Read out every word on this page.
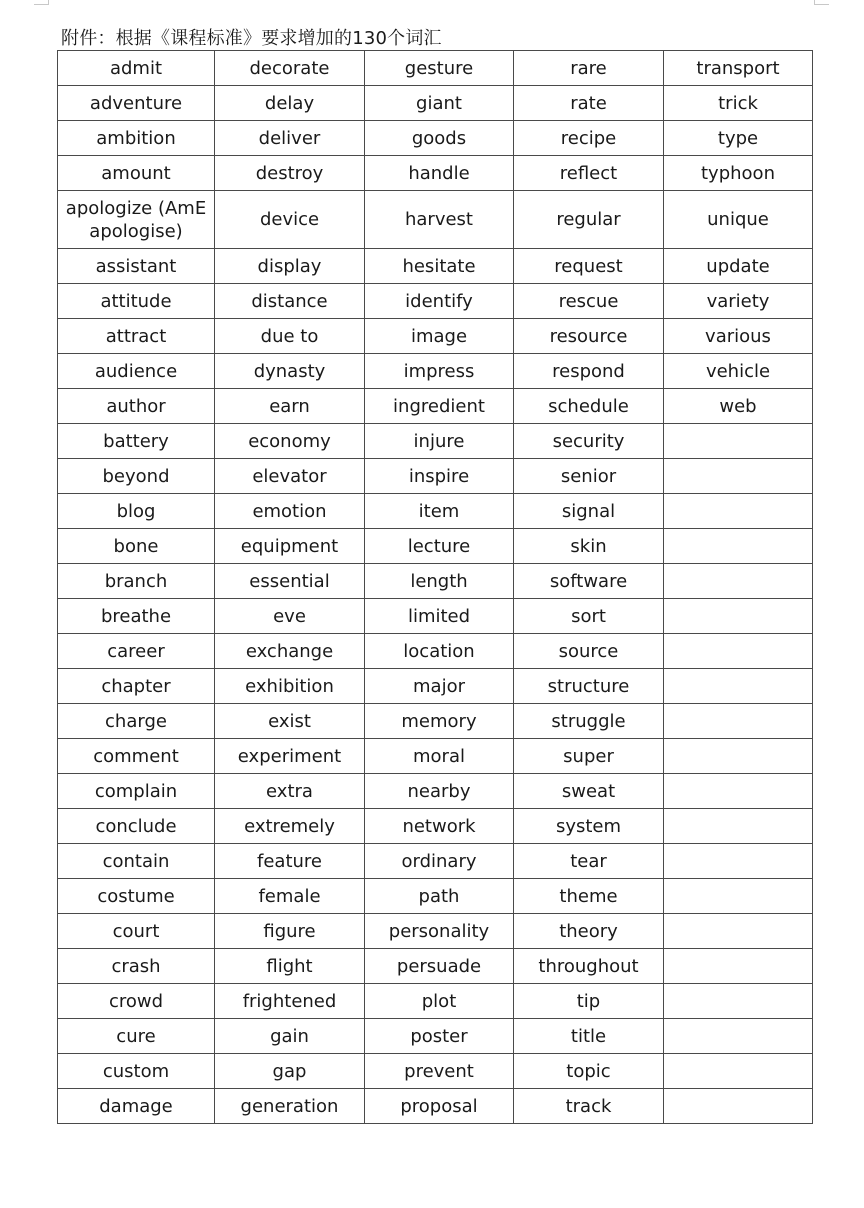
附件：根据《课程标准》要求增加的130个词汇
admit	decorate	gesture	rare	transport
adventure	delay	giant	rate	trick
ambition	deliver	goods	recipe	type
amount	destroy	handle	reflect	typhoon
apologize (AmE apologise)	device	harvest	regular	unique
assistant	display	hesitate	request	update
attitude	distance	identify	rescue	variety
attract	due to	image	resource	various
audience	dynasty	impress	respond	vehicle
author	earn	ingredient	schedule	web
battery	economy	injure	security	
beyond	elevator	inspire	senior	
blog	emotion	item	signal	
bone	equipment	lecture	skin	
branch	essential	length	software	
breathe	eve	limited	sort	
career	exchange	location	source	
chapter	exhibition	major	structure	
charge	exist	memory	struggle	
comment	experiment	moral	super	
complain	extra	nearby	sweat	
conclude	extremely	network	system	
contain	feature	ordinary	tear	
costume	female	path	theme	
court	figure	personality	theory	
crash	flight	persuade	throughout	
crowd	frightened	plot	tip	
cure	gain	poster	title	
custom	gap	prevent	topic	
damage	generation	proposal	track	
